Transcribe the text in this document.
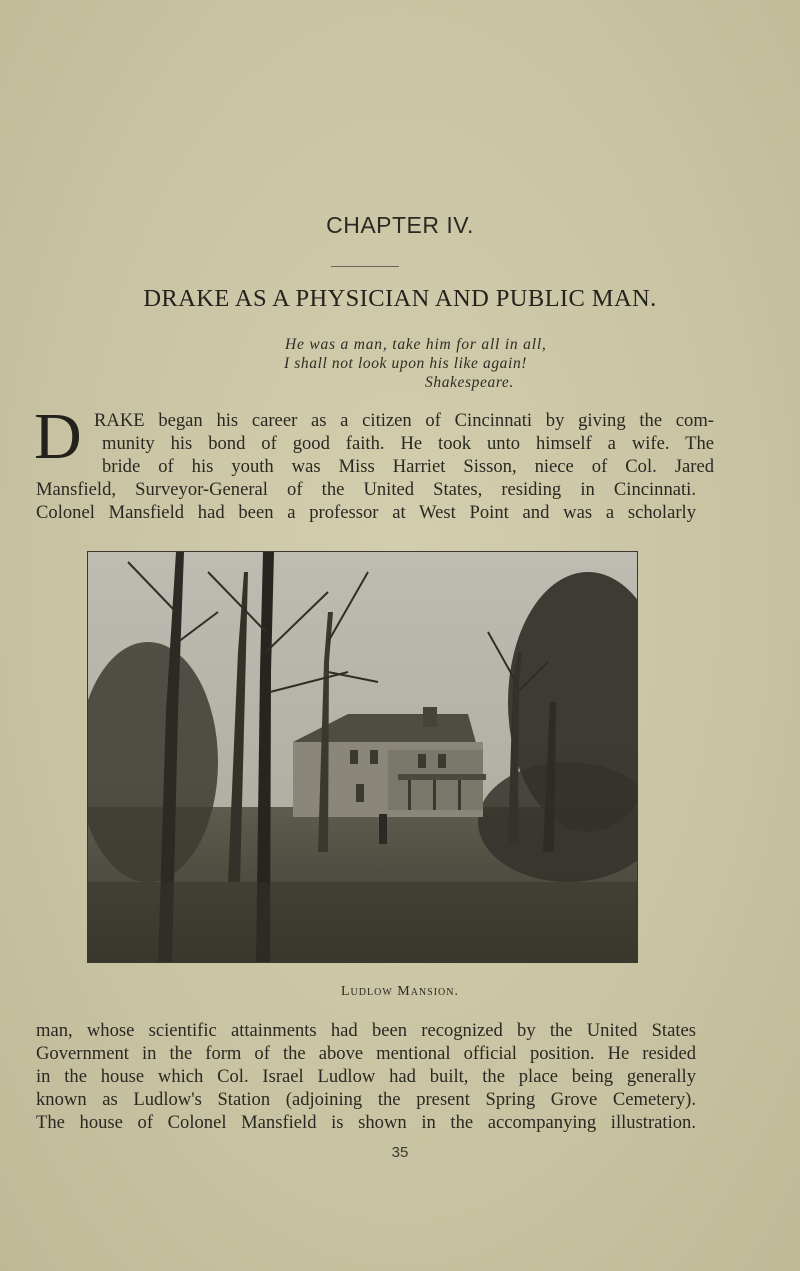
CHAPTER IV.
DRAKE AS A PHYSICIAN AND PUBLIC MAN.
He was a man, take him for all in all,
I shall not look upon his like again!
Shakespeare.
D RAKE began his career as a citizen of Cincinnati by giving the com-
munity his bond of good faith. He took unto himself a wife. The
bride of his youth was Miss Harriet Sisson, niece of Col. Jared
Mansfield, Surveyor-General of the United States, residing in Cincinnati.
Colonel Mansfield had been a professor at West Point and was a scholarly
Ludlow Mansion.
man, whose scientific attainments had been recognized by the United States
Government in the form of the above mentional official position. He resided
in the house which Col. Israel Ludlow had built, the place being generally
known as Ludlow's Station (adjoining the present Spring Grove Cemetery).
The house of Colonel Mansfield is shown in the accompanying illustration.
35
